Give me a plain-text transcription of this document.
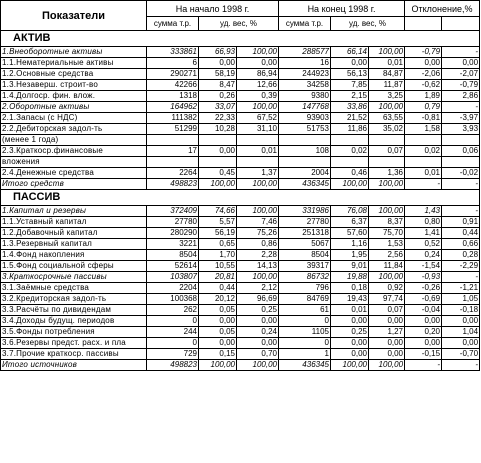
Показатели	На начало 1998 г.			На конец 1998 г.			Отклонение,%	
	сумма т.р.	уд. вес, %		сумма т.р.	уд. вес, %			
АКТИВ								
1.Внеоборотные активы	333861	66,93	100,00	288577	66,14	100,00	-0,79	-
1.1.Нематериальные активы	6	0,00	0,00	16	0,00	0,01	0,00	0,00
1.2.Основные средства	290271	58,19	86,94	244923	56,13	84,87	-2,06	-2,07
1.3.Незаверш. строит-во	42266	8,47	12,66	34258	7,85	11,87	-0,62	-0,79
1.4.Долгоср. фин. влож.	1318	0,26	0,39	9380	2,15	3,25	1,89	2,86
2.Оборотные активы	164962	33,07	100,00	147768	33,86	100,00	0,79	-
2.1.Запасы (с НДС)	111382	22,33	67,52	93903	21,52	63,55	-0,81	-3,97
2.2.Дебиторская задол-ть	51299	10,28	31,10	51753	11,86	35,02	1,58	3,93
(менее 1 года)								
2.3.Краткоср.финансовые	17	0,00	0,01	108	0,02	0,07	0,02	0,06
вложения								
2.4.Денежные средства	2264	0,45	1,37	2004	0,46	1,36	0,01	-0,02
Итого средств	498823	100,00	100,00	436345	100,00	100,00	-	-
ПАССИВ								
1.Капитал и резервы	372409	74,66	100,00	331986	76,08	100,00	1,43	-
1.1.Уставный капитал	27780	5,57	7,46	27780	6,37	8,37	0,80	0,91
1.2.Добавочный капитал	280290	56,19	75,26	251318	57,60	75,70	1,41	0,44
1.3.Резервный капитал	3221	0,65	0,86	5067	1,16	1,53	0,52	0,66
1.4.Фонд накопления	8504	1,70	2,28	8504	1,95	2,56	0,24	0,28
1.5.Фонд социальной сферы	52614	10,55	14,13	39317	9,01	11,84	-1,54	-2,29
3.Краткосрочные пассивы	103807	20,81	100,00	86732	19,88	100,00	-0,93	-
3.1.Заёмные средства	2204	0,44	2,12	796	0,18	0,92	-0,26	-1,21
3.2.Кредиторская задол-ть	100368	20,12	96,69	84769	19,43	97,74	-0,69	1,05
3.3.Расчёты по дивидендам	262	0,05	0,25	61	0,01	0,07	-0,04	-0,18
3.4.Доходы будущ. периодов	0	0,00	0,00	0	0,00	0,00	0,00	0,00
3.5.Фонды потребления	244	0,05	0,24	1105	0,25	1,27	0,20	1,04
3.6.Резервы предст. расх. и пла	0	0,00	0,00	0	0,00	0,00	0,00	0,00
3.7.Прочие краткоср. пассивы	729	0,15	0,70	1	0,00	0,00	-0,15	-0,70
Итого источников	498823	100,00	100,00	436345	100,00	100,00	-	-
